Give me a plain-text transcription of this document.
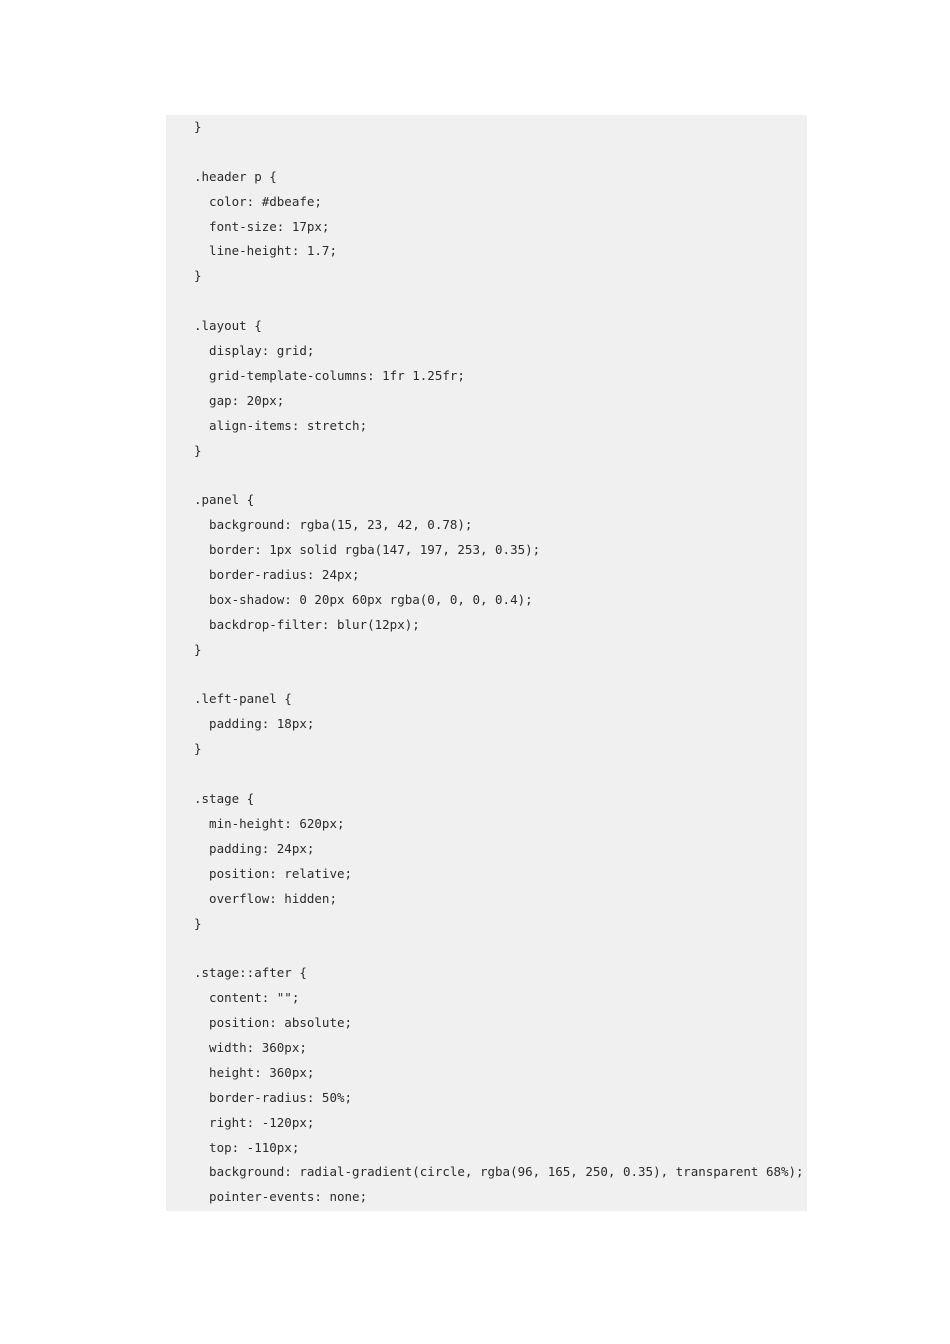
}
.header p {
color: #dbeafe;
font-size: 17px;
line-height: 1.7;
}
.layout {
display: grid;
grid-template-columns: 1fr 1.25fr;
gap: 20px;
align-items: stretch;
}
.panel {
background: rgba(15, 23, 42, 0.78);
border: 1px solid rgba(147, 197, 253, 0.35);
border-radius: 24px;
box-shadow: 0 20px 60px rgba(0, 0, 0, 0.4);
backdrop-filter: blur(12px);
}
.left-panel {
padding: 18px;
}
.stage {
min-height: 620px;
padding: 24px;
position: relative;
overflow: hidden;
}
.stage::after {
content: "";
position: absolute;
width: 360px;
height: 360px;
border-radius: 50%;
right: -120px;
top: -110px;
background: radial-gradient(circle, rgba(96, 165, 250, 0.35), transparent 68%);
pointer-events: none;
